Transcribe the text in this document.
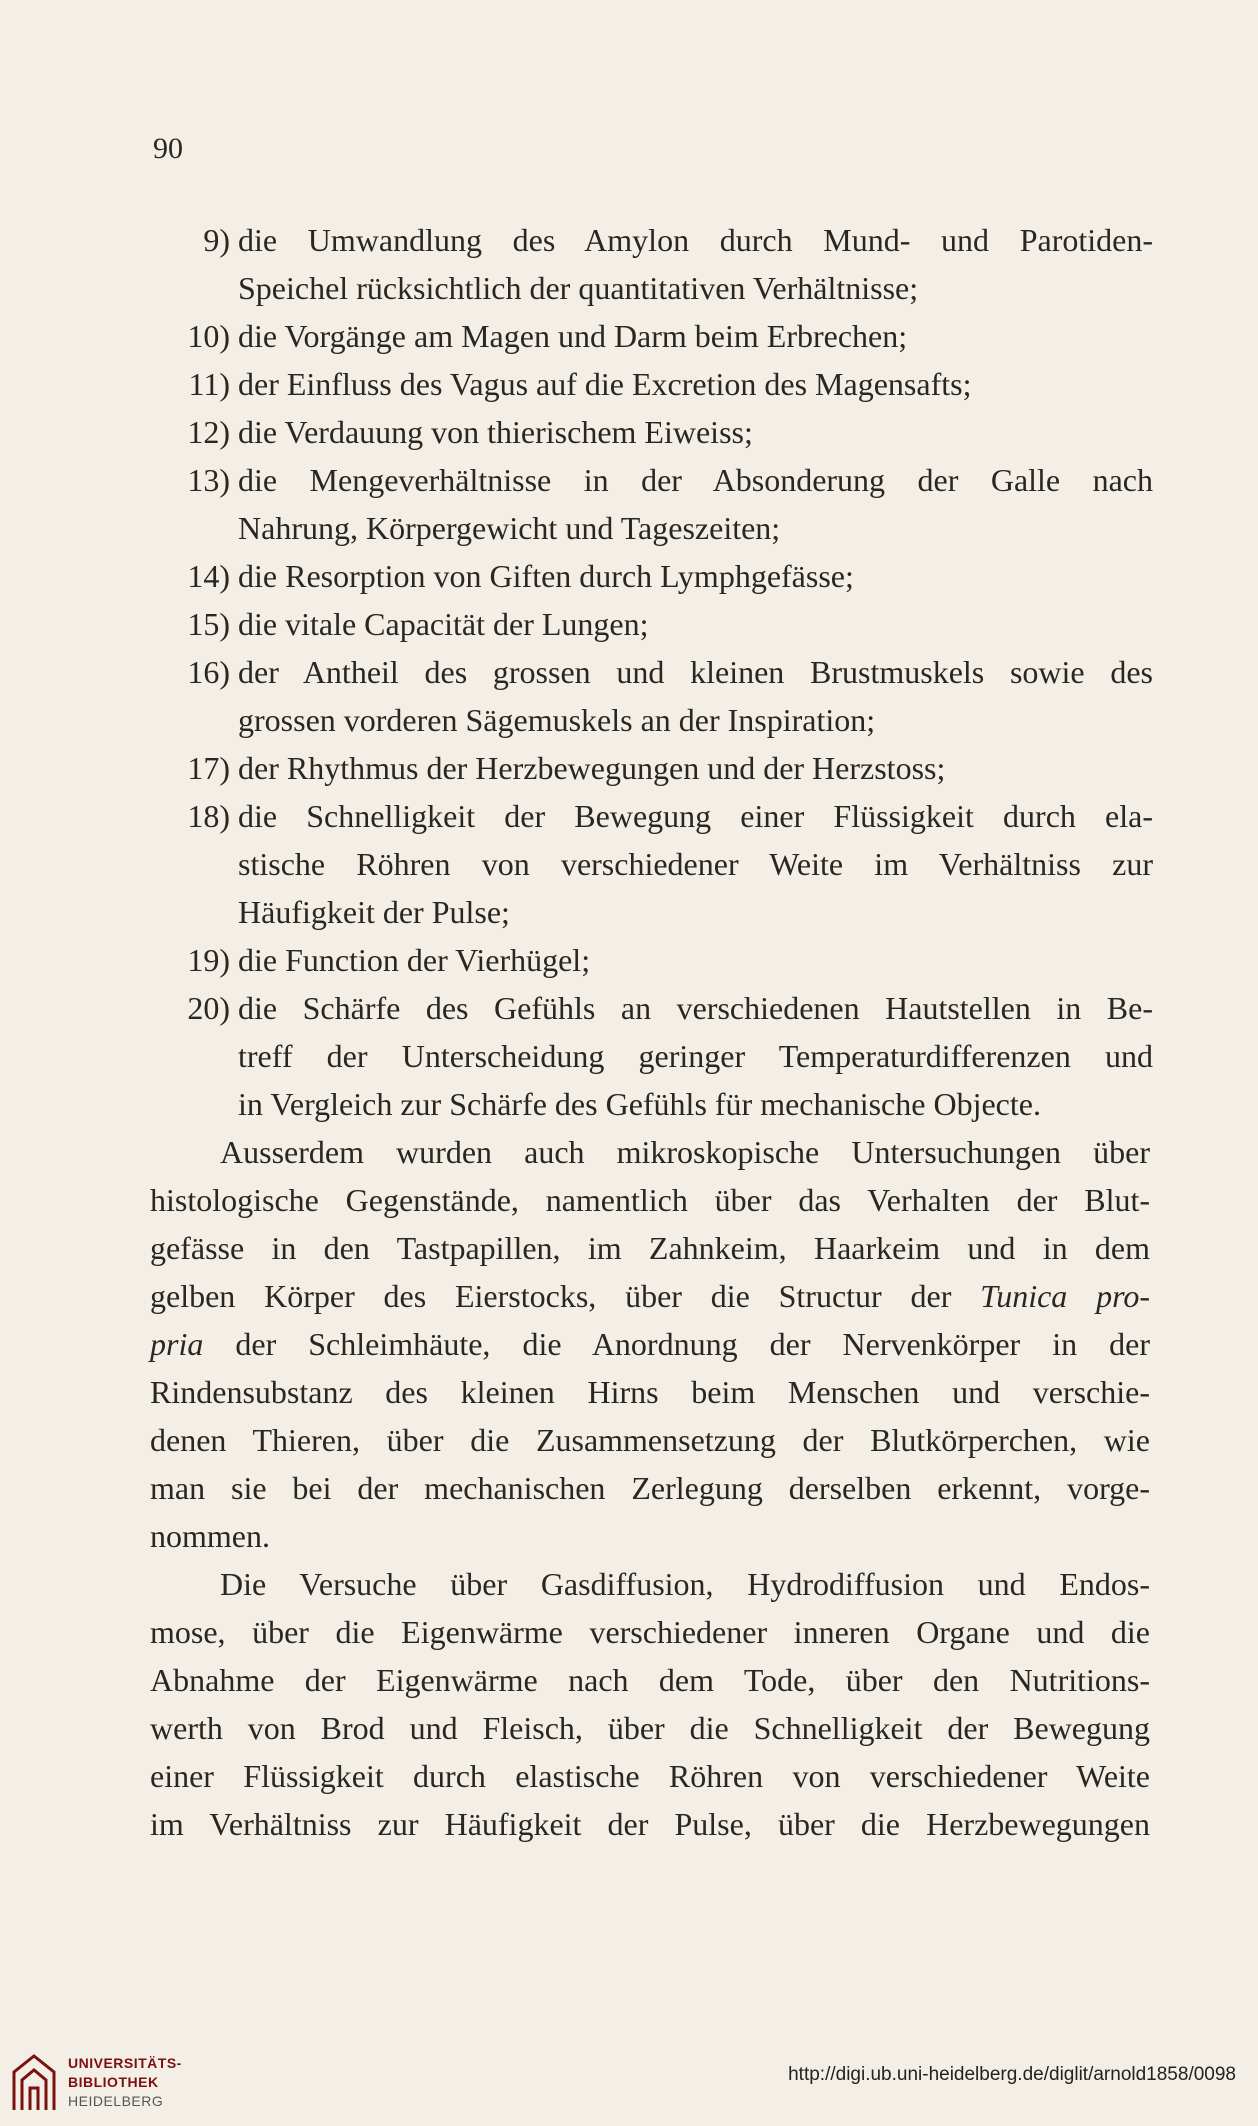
90
9) die Umwandlung des Amylon durch Mund- und Parotiden-
Speichel rücksichtlich der quantitativen Verhältnisse;
10) die Vorgänge am Magen und Darm beim Erbrechen;
11) der Einfluss des Vagus auf die Excretion des Magensafts;
12) die Verdauung von thierischem Eiweiss;
13) die Mengeverhältnisse in der Absonderung der Galle nach
Nahrung, Körpergewicht und Tageszeiten;
14) die Resorption von Giften durch Lymphgefässe;
15) die vitale Capacität der Lungen;
16) der Antheil des grossen und kleinen Brustmuskels sowie des
grossen vorderen Sägemuskels an der Inspiration;
17) der Rhythmus der Herzbewegungen und der Herzstoss;
18) die Schnelligkeit der Bewegung einer Flüssigkeit durch ela-
stische Röhren von verschiedener Weite im Verhältniss zur
Häufigkeit der Pulse;
19) die Function der Vierhügel;
20) die Schärfe des Gefühls an verschiedenen Hautstellen in Be-
treff der Unterscheidung geringer Temperaturdifferenzen und
in Vergleich zur Schärfe des Gefühls für mechanische Objecte.
Ausserdem wurden auch mikroskopische Untersuchungen über
histologische Gegenstände, namentlich über das Verhalten der Blut-
gefässe in den Tastpapillen, im Zahnkeim, Haarkeim und in dem
gelben Körper des Eierstocks, über die Structur der Tunica pro-
pria der Schleimhäute, die Anordnung der Nervenkörper in der
Rindensubstanz des kleinen Hirns beim Menschen und verschie-
denen Thieren, über die Zusammensetzung der Blutkörperchen, wie
man sie bei der mechanischen Zerlegung derselben erkennt, vorge-
nommen.
Die Versuche über Gasdiffusion, Hydrodiffusion und Endos-
mose, über die Eigenwärme verschiedener inneren Organe und die
Abnahme der Eigenwärme nach dem Tode, über den Nutritions-
werth von Brod und Fleisch, über die Schnelligkeit der Bewegung
einer Flüssigkeit durch elastische Röhren von verschiedener Weite
im Verhältniss zur Häufigkeit der Pulse, über die Herzbewegungen
UNIVERSITÄTS-
BIBLIOTHEK
HEIDELBERG
http://digi.ub.uni-heidelberg.de/diglit/arnold1858/0098
